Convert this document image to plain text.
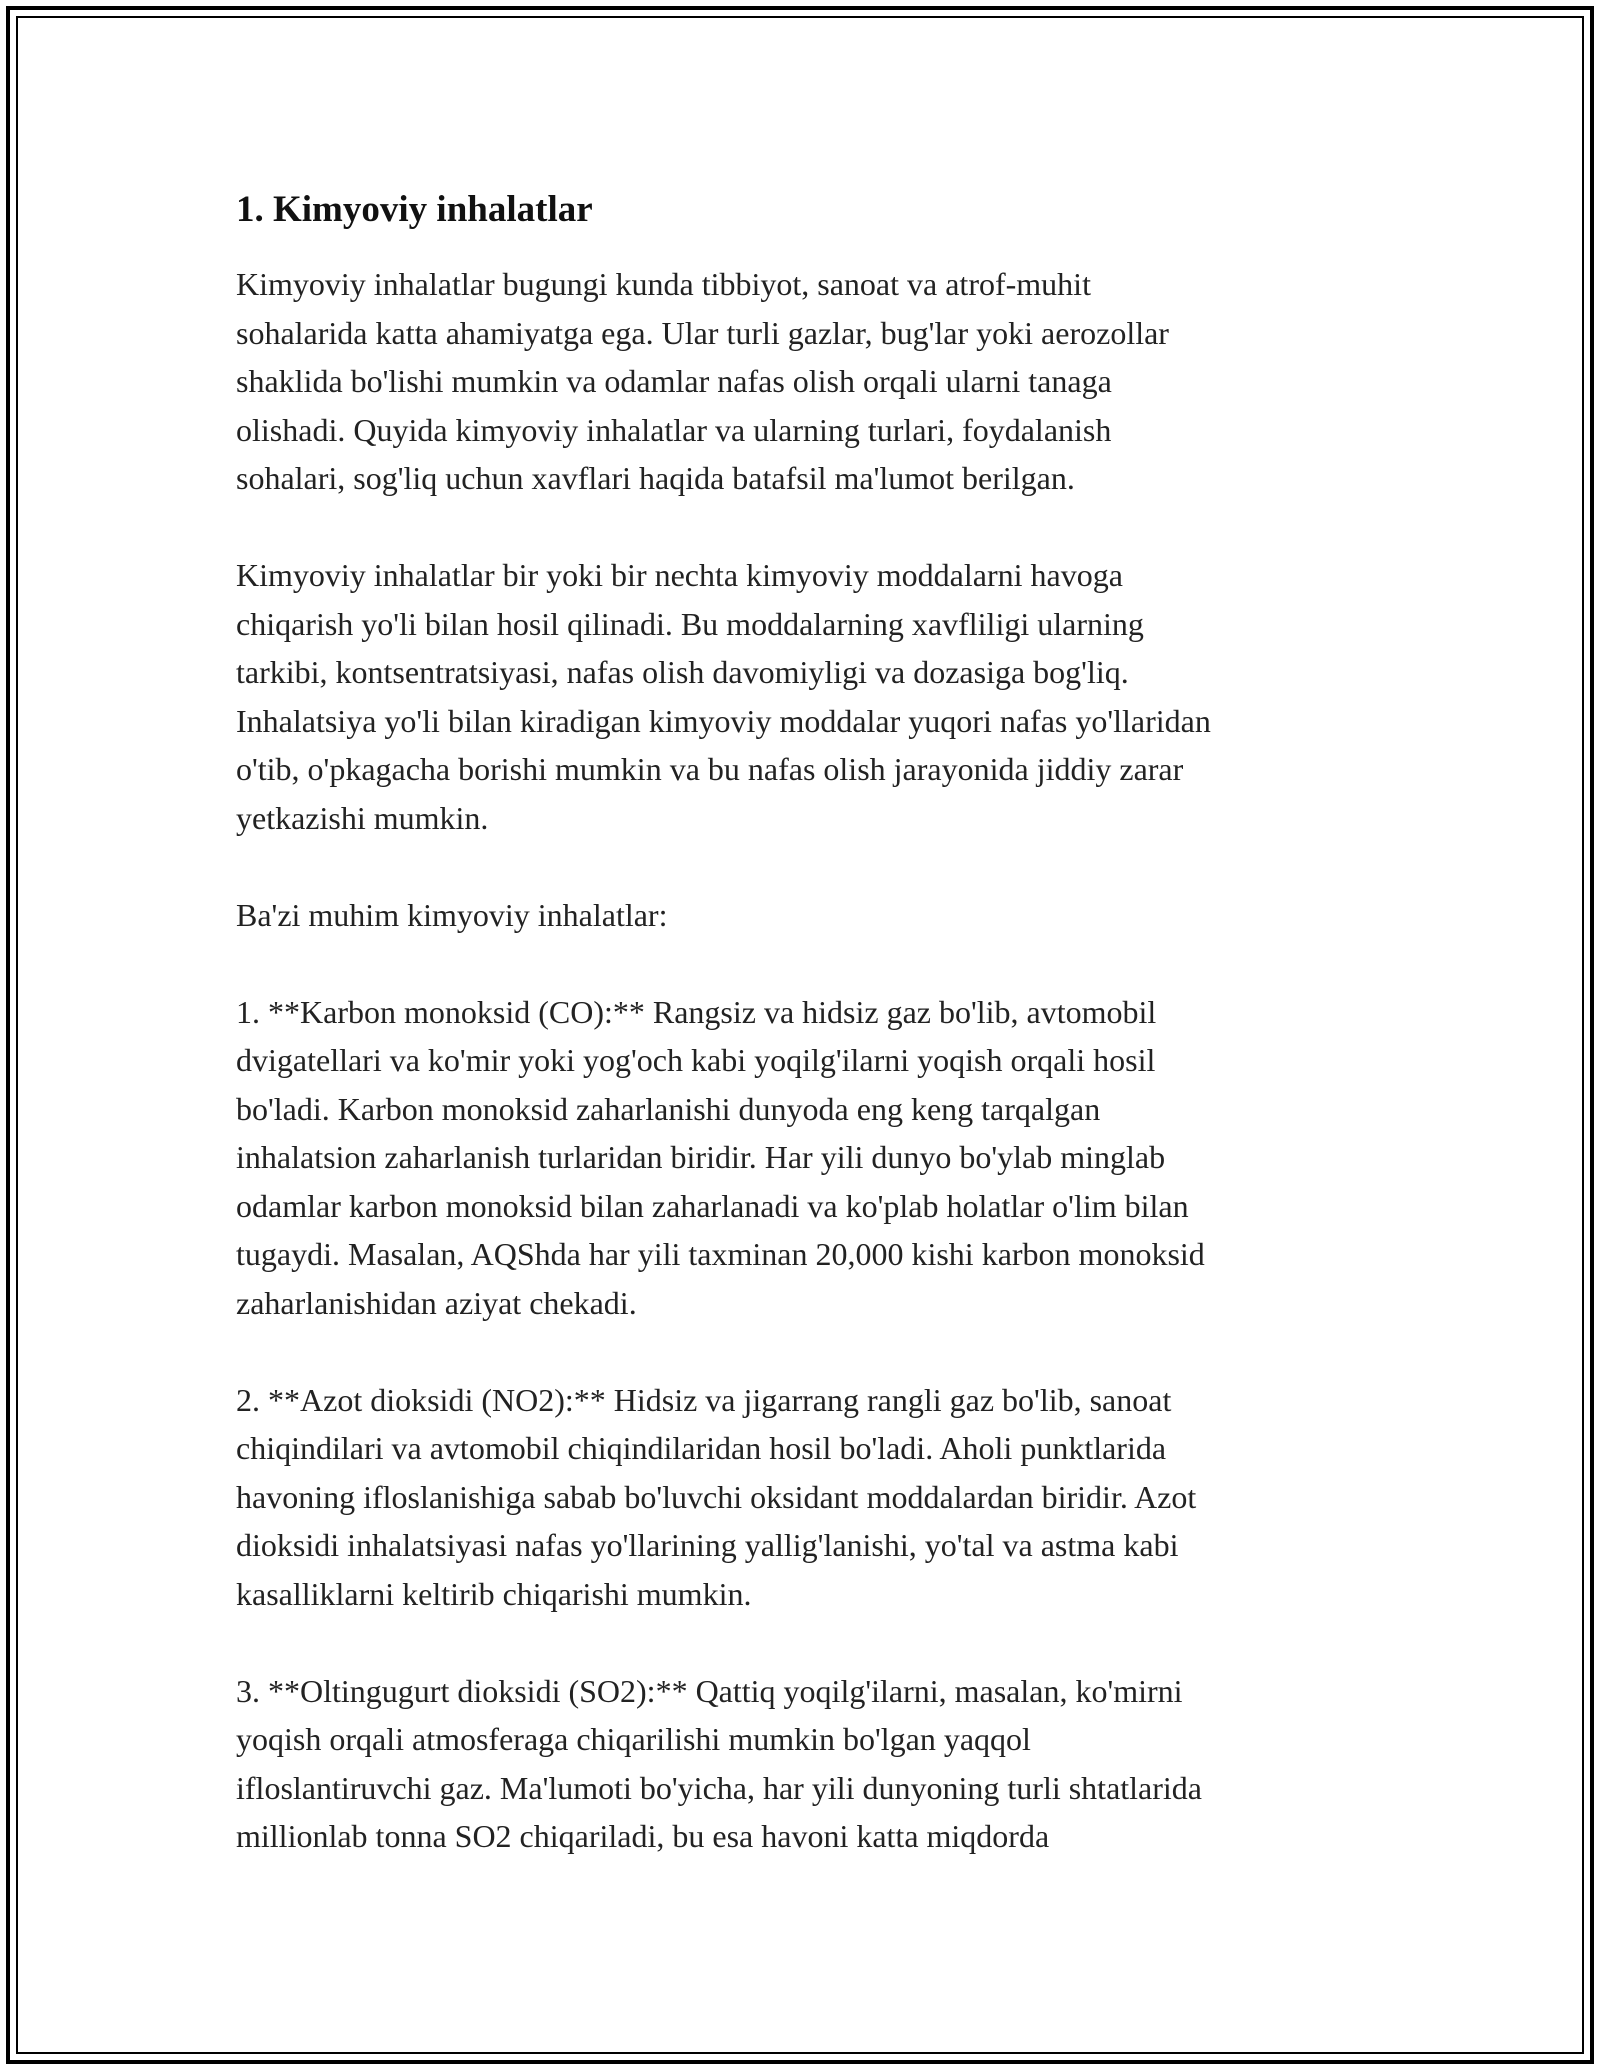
1. Kimyoviy inhalatlar

Kimyoviy inhalatlar bugungi kunda tibbiyot, sanoat va atrof-muhit
sohalarida katta ahamiyatga ega. Ular turli gazlar, bug'lar yoki aerozollar
shaklida bo'lishi mumkin va odamlar nafas olish orqali ularni tanaga
olishadi. Quyida kimyoviy inhalatlar va ularning turlari, foydalanish
sohalari, sog'liq uchun xavflari haqida batafsil ma'lumot berilgan.

Kimyoviy inhalatlar bir yoki bir nechta kimyoviy moddalarni havoga
chiqarish yo'li bilan hosil qilinadi. Bu moddalarning xavfliligi ularning
tarkibi, kontsentratsiyasi, nafas olish davomiyligi va dozasiga bog'liq.
Inhalatsiya yo'li bilan kiradigan kimyoviy moddalar yuqori nafas yo'llaridan
o'tib, o'pkagacha borishi mumkin va bu nafas olish jarayonida jiddiy zarar
yetkazishi mumkin.

Ba'zi muhim kimyoviy inhalatlar:

1. **Karbon monoksid (CO):** Rangsiz va hidsiz gaz bo'lib, avtomobil
dvigatellari va ko'mir yoki yog'och kabi yoqilg'ilarni yoqish orqali hosil
bo'ladi. Karbon monoksid zaharlanishi dunyoda eng keng tarqalgan
inhalatsion zaharlanish turlaridan biridir. Har yili dunyo bo'ylab minglab
odamlar karbon monoksid bilan zaharlanadi va ko'plab holatlar o'lim bilan
tugaydi. Masalan, AQShda har yili taxminan 20,000 kishi karbon monoksid
zaharlanishidan aziyat chekadi.

2. **Azot dioksidi (NO2):** Hidsiz va jigarrang rangli gaz bo'lib, sanoat
chiqindilari va avtomobil chiqindilaridan hosil bo'ladi. Aholi punktlarida
havoning ifloslanishiga sabab bo'luvchi oksidant moddalardan biridir. Azot
dioksidi inhalatsiyasi nafas yo'llarining yallig'lanishi, yo'tal va astma kabi
kasalliklarni keltirib chiqarishi mumkin.

3. **Oltingugurt dioksidi (SO2):** Qattiq yoqilg'ilarni, masalan, ko'mirni
yoqish orqali atmosferaga chiqarilishi mumkin bo'lgan yaqqol
ifloslantiruvchi gaz. Ma'lumoti bo'yicha, har yili dunyoning turli shtatlarida
millionlab tonna SO2 chiqariladi, bu esa havoni katta miqdorda
